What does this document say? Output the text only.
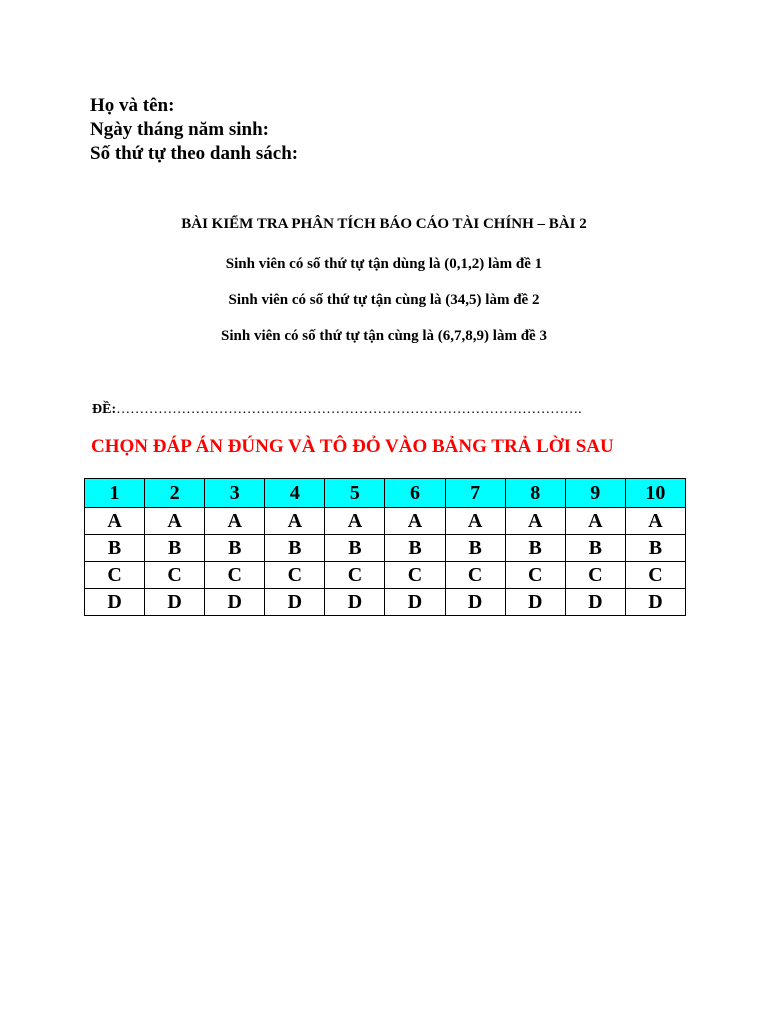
Họ và tên:
Ngày tháng năm sinh:
Số thứ tự theo danh sách:
BÀI KIỂM TRA PHÂN TÍCH BÁO CÁO TÀI CHÍNH – BÀI 2
Sinh viên có số thứ tự tận dùng là (0,1,2) làm đề 1
Sinh viên có số thứ tự tận cùng là (34,5) làm đề 2
Sinh viên có số thứ tự tận cùng là (6,7,8,9) làm đề 3
ĐỀ:……………………………………………………………………………………….
CHỌN ĐÁP ÁN ĐÚNG VÀ TÔ ĐỎ VÀO BẢNG TRẢ LỜI SAU
1	2	3	4	5	6	7	8	9	10
A	A	A	A	A	A	A	A	A	A
B	B	B	B	B	B	B	B	B	B
C	C	C	C	C	C	C	C	C	C
D	D	D	D	D	D	D	D	D	D
